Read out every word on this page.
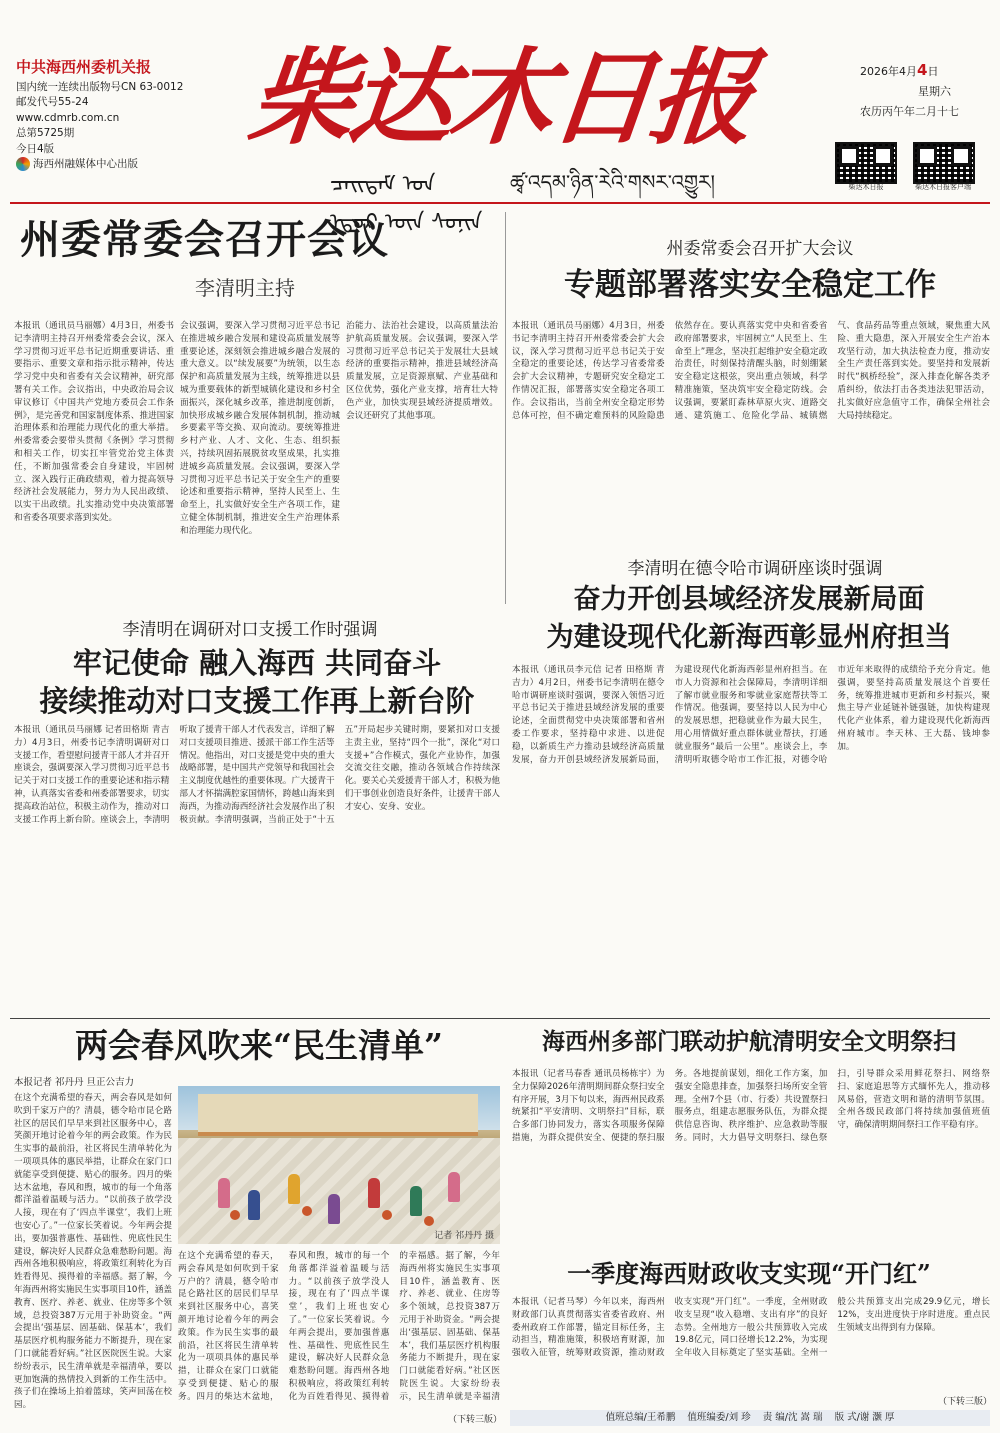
中共海西州委机关报
国内统一连续出版物号CN 63-0012
邮发代号55-24
www.cdmrb.com.cn
总第5725期
今日4版
海西州融媒体中心出版
柴达木日报
ᠴᠠᠢᠳᠠᠮ ᠤᠨ ᠡᠳᠦᠷ ᠦᠨ ᠰᠣᠨᠢᠨ
ཚྭ་འདམ་ཉིན་རེའི་གསར་འགྱུར།
2026年4月4日
星期六
农历丙午年二月十七
柴达木日报	柴达木日报客户端
州委常委会召开会议
李清明主持
本报讯（通讯员马丽娜）4月3日，州委书记李清明主持召开州委常委会会议，深入学习贯彻习近平总书记近期重要讲话、重要指示、重要文章和指示批示精神，传达学习党中央和省委有关会议精神，研究部署有关工作。会议指出，中央政治局会议审议修订《中国共产党地方委员会工作条例》，是完善党和国家制度体系、推进国家治理体系和治理能力现代化的重大举措。州委常委会要带头贯彻《条例》学习贯彻和相关工作，切实扛牢管党治党主体责任，不断加强常委会自身建设，牢固树立、深入践行正确政绩观，着力提高领导经济社会发展能力，努力为人民出政绩、以实干出政绩。扎实推动党中央决策部署和省委各项要求落到实处。
会议强调，要深入学习贯彻习近平总书记在推进城乡融合发展和建设高质量发展等重要论述，深刻领会推进城乡融合发展的重大意义。以“续发展要”为统领，以生态保护和高质量发展为主线，统筹推进以县城为重要载体的新型城镇化建设和乡村全面振兴，深化城乡改革，推进制度创新，加快形成城乡融合发展体制机制，推动城乡要素平等交换、双向流动。要统筹推进乡村产业、人才、文化、生态、组织振兴，持续巩固拓展脱贫攻坚成果，扎实推进城乡高质量发展。会议强调，要深入学习贯彻习近平总书记关于安全生产的重要论述和重要指示精神，坚持人民至上、生命至上，扎实做好安全生产各项工作，建立健全体制机制，推进安全生产治理体系和治理能力现代化。
治能力、法治社会建设，以高质量法治护航高质量发展。会议强调，要深入学习贯彻习近平总书记关于发展壮大县域经济的重要指示精神，推进县域经济高质量发展，立足资源禀赋、产业基础和区位优势，强化产业支撑，培育壮大特色产业，加快实现县域经济提质增效。会议还研究了其他事项。
州委常委会召开扩大会议
专题部署落实安全稳定工作
本报讯（通讯员马丽娜）4月3日，州委书记李清明主持召开州委常委会扩大会议，深入学习贯彻习近平总书记关于安全稳定的重要论述，传达学习省委常委会扩大会议精神，专题研究安全稳定工作情况汇报，部署落实安全稳定各项工作。会议指出，当前全州安全稳定形势总体可控，但不确定难预料的风险隐患依然存在。要认真落实党中央和省委省政府部署要求，牢固树立“人民至上、生命至上”理念，坚决扛起维护安全稳定政治责任，时刻保持清醒头脑，时刻绷紧安全稳定这根弦，突出重点领域，科学精准施策，坚决筑牢安全稳定防线。会议强调，要紧盯森林草原火灾、道路交通、建筑施工、危险化学品、城镇燃气、食品药品等重点领域，聚焦重大风险、重大隐患，深入开展安全生产治本攻坚行动，加大执法检查力度，推动安全生产责任落到实处。要坚持和发展新时代“枫桥经验”，深入排查化解各类矛盾纠纷，依法打击各类违法犯罪活动，扎实做好应急值守工作，确保全州社会大局持续稳定。
李清明在德令哈市调研座谈时强调
奋力开创县域经济发展新局面
为建设现代化新海西彰显州府担当
本报讯（通讯员李元信 记者 田格斯 青吉力）4月2日，州委书记李清明在德令哈市调研座谈时强调，要深入领悟习近平总书记关于推进县域经济发展的重要论述，全面贯彻党中央决策部署和省州委工作要求，坚持稳中求进、以进促稳，以新质生产力推动县域经济高质量发展，奋力开创县域经济发展新局面，为建设现代化新海西彰显州府担当。在市人力资源和社会保障局，李清明详细了解市就业服务和零就业家庭帮扶等工作情况。他强调，要坚持以人民为中心的发展思想，把稳就业作为最大民生，用心用情做好重点群体就业帮扶，打通就业服务“最后一公里”。座谈会上，李清明听取德令哈市工作汇报，对德令哈市近年来取得的成绩给予充分肯定。他强调，要坚持高质量发展这个首要任务，统筹推进城市更新和乡村振兴，聚焦主导产业延链补链强链，加快构建现代化产业体系，着力建设现代化新海西州府城市。李天林、王大磊、钱坤参加。
李清明在调研对口支援工作时强调
牢记使命 融入海西 共同奋斗
接续推动对口支援工作再上新台阶
本报讯（通讯员马丽娜 记者田格斯 青吉力）4月3日，州委书记李清明调研对口支援工作，看望慰问援青干部人才并召开座谈会，强调要深入学习贯彻习近平总书记关于对口支援工作的重要论述和指示精神，认真落实省委和州委部署要求，切实提高政治站位，积极主动作为，推动对口支援工作再上新台阶。座谈会上，李清明听取了援青干部人才代表发言，详细了解对口支援项目推进、援派干部工作生活等情况。他指出，对口支援是党中央的重大战略部署，是中国共产党领导和我国社会主义制度优越性的重要体现。广大援青干部人才怀揣满腔家国情怀，跨越山海来到海西，为推动海西经济社会发展作出了积极贡献。李清明强调，当前正处于“十五五”开局起步关键时期，要紧扣对口支援主责主业，坚持“四个一批”，深化“对口支援+”合作模式，强化产业协作，加强交流交往交融，推动各领域合作持续深化。要关心关爱援青干部人才，积极为他们干事创业创造良好条件，让援青干部人才安心、安身、安业。
两会春风吹来“民生清单”
本报记者 祁丹丹 旦正公吉力
记者 祁丹丹 摄
在这个充满希望的春天，两会春风是如何吹到千家万户的？清晨，德令哈市昆仑路社区的居民们早早来到社区服务中心，喜笑颜开地讨论着今年的两会政策。作为民生实事的最前沿，社区将民生清单转化为一项项具体的惠民举措，让群众在家门口就能享受到便捷、贴心的服务。四月的柴达木盆地，春风和煦，城市的每一个角落都洋溢着温暖与活力。“以前孩子放学没人接，现在有了‘四点半课堂’，我们上班也安心了。”一位家长笑着说。今年两会提出，要加强普惠性、基础性、兜底性民生建设，解决好人民群众急难愁盼问题。海西州各地积极响应，将政策红利转化为百姓看得见、摸得着的幸福感。据了解，今年海西州将实施民生实事项目10件，涵盖教育、医疗、养老、就业、住房等多个领域，总投资387万元用于补助资金。“两会提出‘强基层、固基础、保基本’，我们基层医疗机构服务能力不断提升，现在家门口就能看好病。”社区医院医生说。大家纷纷表示，民生清单就是幸福清单，要以更加饱满的热情投入到新的工作生活中。孩子们在操场上拍着篮球，笑声回荡在校园。
在这个充满希望的春天，两会春风是如何吹到千家万户的？清晨，德令哈市昆仑路社区的居民们早早来到社区服务中心，喜笑颜开地讨论着今年的两会政策。作为民生实事的最前沿，社区将民生清单转化为一项项具体的惠民举措，让群众在家门口就能享受到便捷、贴心的服务。四月的柴达木盆地，春风和煦，城市的每一个角落都洋溢着温暖与活力。“以前孩子放学没人接，现在有了‘四点半课堂’，我们上班也安心了。”一位家长笑着说。今年两会提出，要加强普惠性、基础性、兜底性民生建设，解决好人民群众急难愁盼问题。海西州各地积极响应，将政策红利转化为百姓看得见、摸得着的幸福感。据了解，今年海西州将实施民生实事项目10件，涵盖教育、医疗、养老、就业、住房等多个领域，总投资387万元用于补助资金。“两会提出‘强基层、固基础、保基本’，我们基层医疗机构服务能力不断提升，现在家门口就能看好病。”社区医院医生说。大家纷纷表示，民生清单就是幸福清
（下转三版）
海西州多部门联动护航清明安全文明祭扫
本报讯（记者马春香 通讯员杨栋宇）为全力保障2026年清明期间群众祭扫安全有序开展，3月下旬以来，海西州民政系统紧扣“平安清明、文明祭扫”目标，联合多部门协同发力，落实各项服务保障措施，为群众提供安全、便捷的祭扫服务。各地提前谋划，细化工作方案，加强安全隐患排查，加强祭扫场所安全管理。全州7个县（市、行委）共设置祭扫服务点，组建志愿服务队伍，为群众提供信息咨询、秩序维护、应急救助等服务。同时，大力倡导文明祭扫、绿色祭扫，引导群众采用鲜花祭扫、网络祭扫、家庭追思等方式缅怀先人，推动移风易俗，营造文明和谐的清明节氛围。全州各级民政部门将持续加强值班值守，确保清明期间祭扫工作平稳有序。
一季度海西财政收支实现“开门红”
本报讯（记者马琴）今年以来，海西州财政部门认真贯彻落实省委省政府、州委州政府工作部署，锚定目标任务，主动担当，精准施策，积极培育财源，加强收入征管，统筹财政资源，推动财政收支实现“开门红”。一季度，全州财政收支呈现“收入稳增、支出有序”的良好态势。全州地方一般公共预算收入完成19.8亿元，同口径增长12.2%，为实现全年收入目标奠定了坚实基础。全州一般公共预算支出完成29.9亿元，增长12%，支出进度快于序时进度。重点民生领域支出得到有力保障。
（下转三版）
值班总编/王希鹏 值班编委/刘 珍 责 编/沈 嵩 瑞 版 式/谢 灏 厚
